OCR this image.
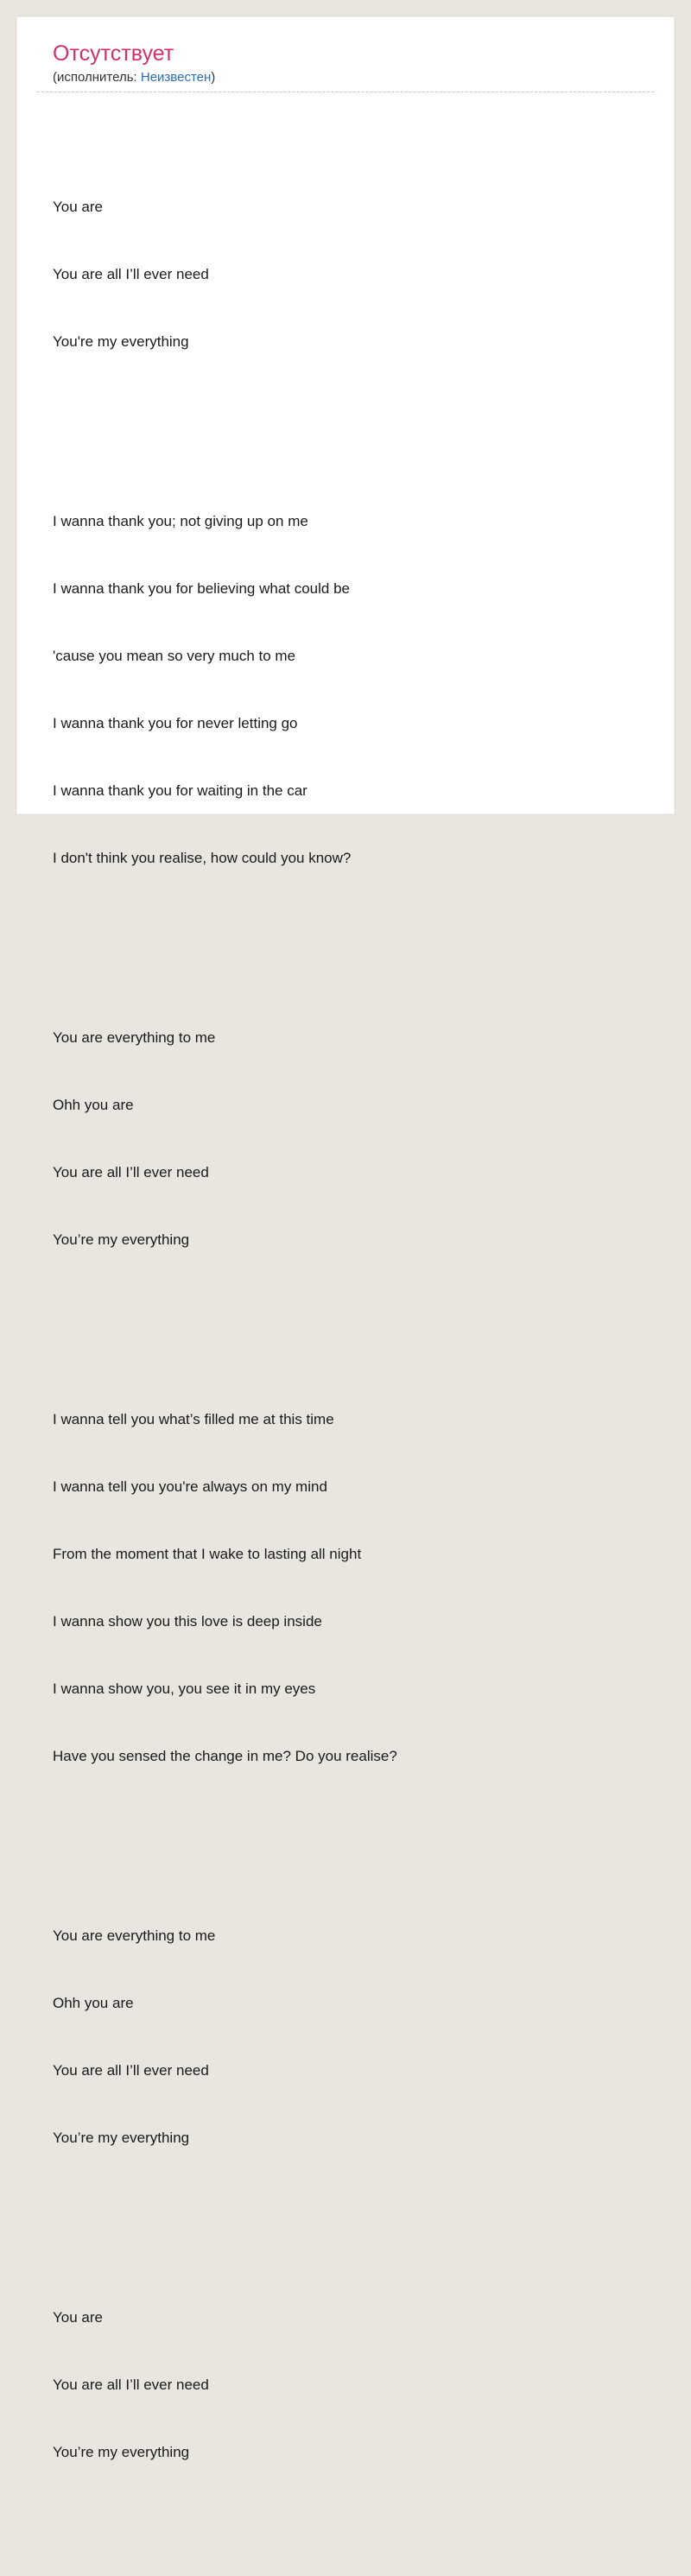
Отсутствует
(исполнитель: Неизвестен)

You are

You are all I’ll ever need

You're my everything

I wanna thank you; not giving up on me

I wanna thank you for believing what could be

'cause you mean so very much to me

I wanna thank you for never letting go

I wanna thank you for waiting in the car

I don't think you realise, how could you know?

You are everything to me

Ohh you are

You are all I’ll ever need

You’re my everything

I wanna tell you what’s filled me at this time

I wanna tell you you're always on my mind

From the moment that I wake to lasting all night

I wanna show you this love is deep inside

I wanna show you, you see it in my eyes

Have you sensed the change in me? Do you realise?

You are everything to me

Ohh you are

You are all I’ll ever need

You’re my everything

You are

You are all I’ll ever need

You’re my everything
